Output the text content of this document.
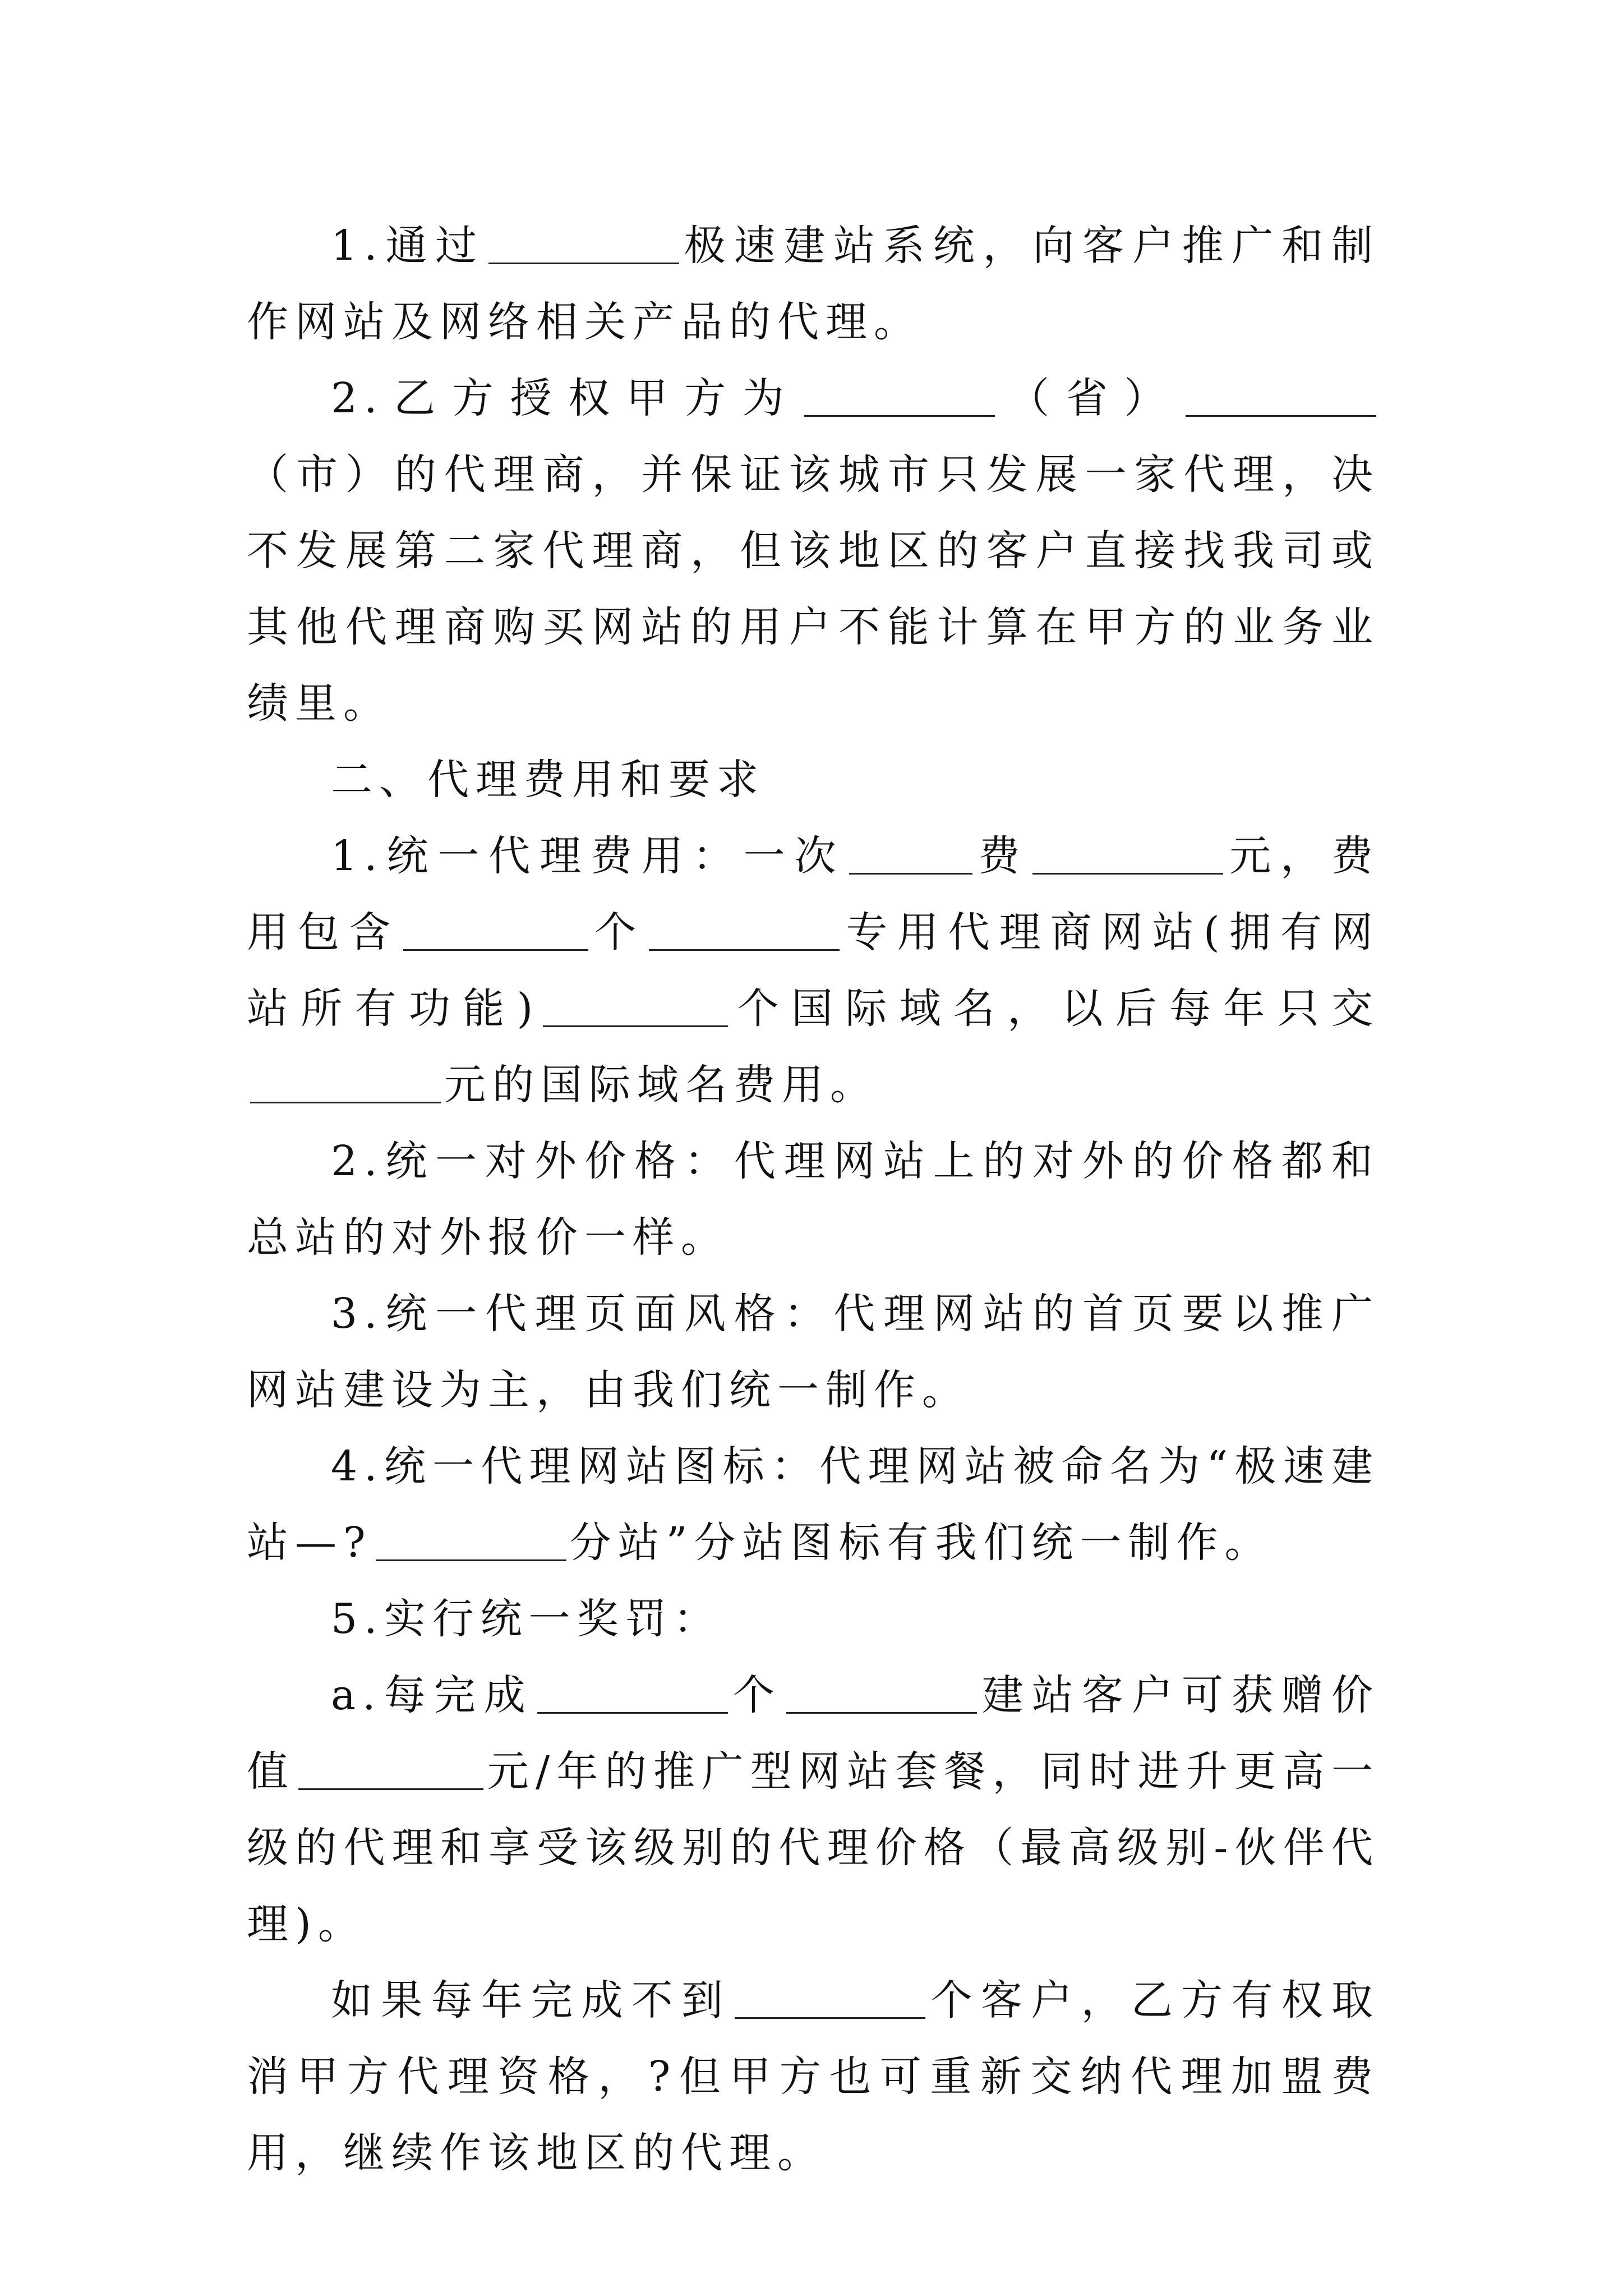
1.通过	极速建站系统，向客户推广和制作网站及网络相关产品的代理。

2.乙方授权甲方为	（省）（市）的代理商，并保证该城市只发展一家代理，决不发展第二家代理商，但该地区的客户直接找我司或其他代理商购买网站的用户不能计算在甲方的业务业绩里。

二、代理费用和要求

1.统一代理费用：一次	费	元，费用包含	个	专用代理商网站(拥有网站所有功能)	个国际域名，以后每年只交元的国际域名费用。

2.统一对外价格：代理网站上的对外的价格都和总站的对外报价一样。

3.统一代理页面风格：代理网站的首页要以推广网站建设为主，由我们统一制作。

4.统一代理网站图标：代理网站被命名为“极速建站—?	分站”分站图标有我们统一制作。

5.实行统一奖罚：

a.每完成	个	建站客户可获赠价值	元/年的推广型网站套餐，同时进升更高一级的代理和享受该级别的代理价格（最高级别-伙伴代理)。

如果每年完成不到	个客户，乙方有权取消甲方代理资格，?但甲方也可重新交纳代理加盟费用，继续作该地区的代理。
